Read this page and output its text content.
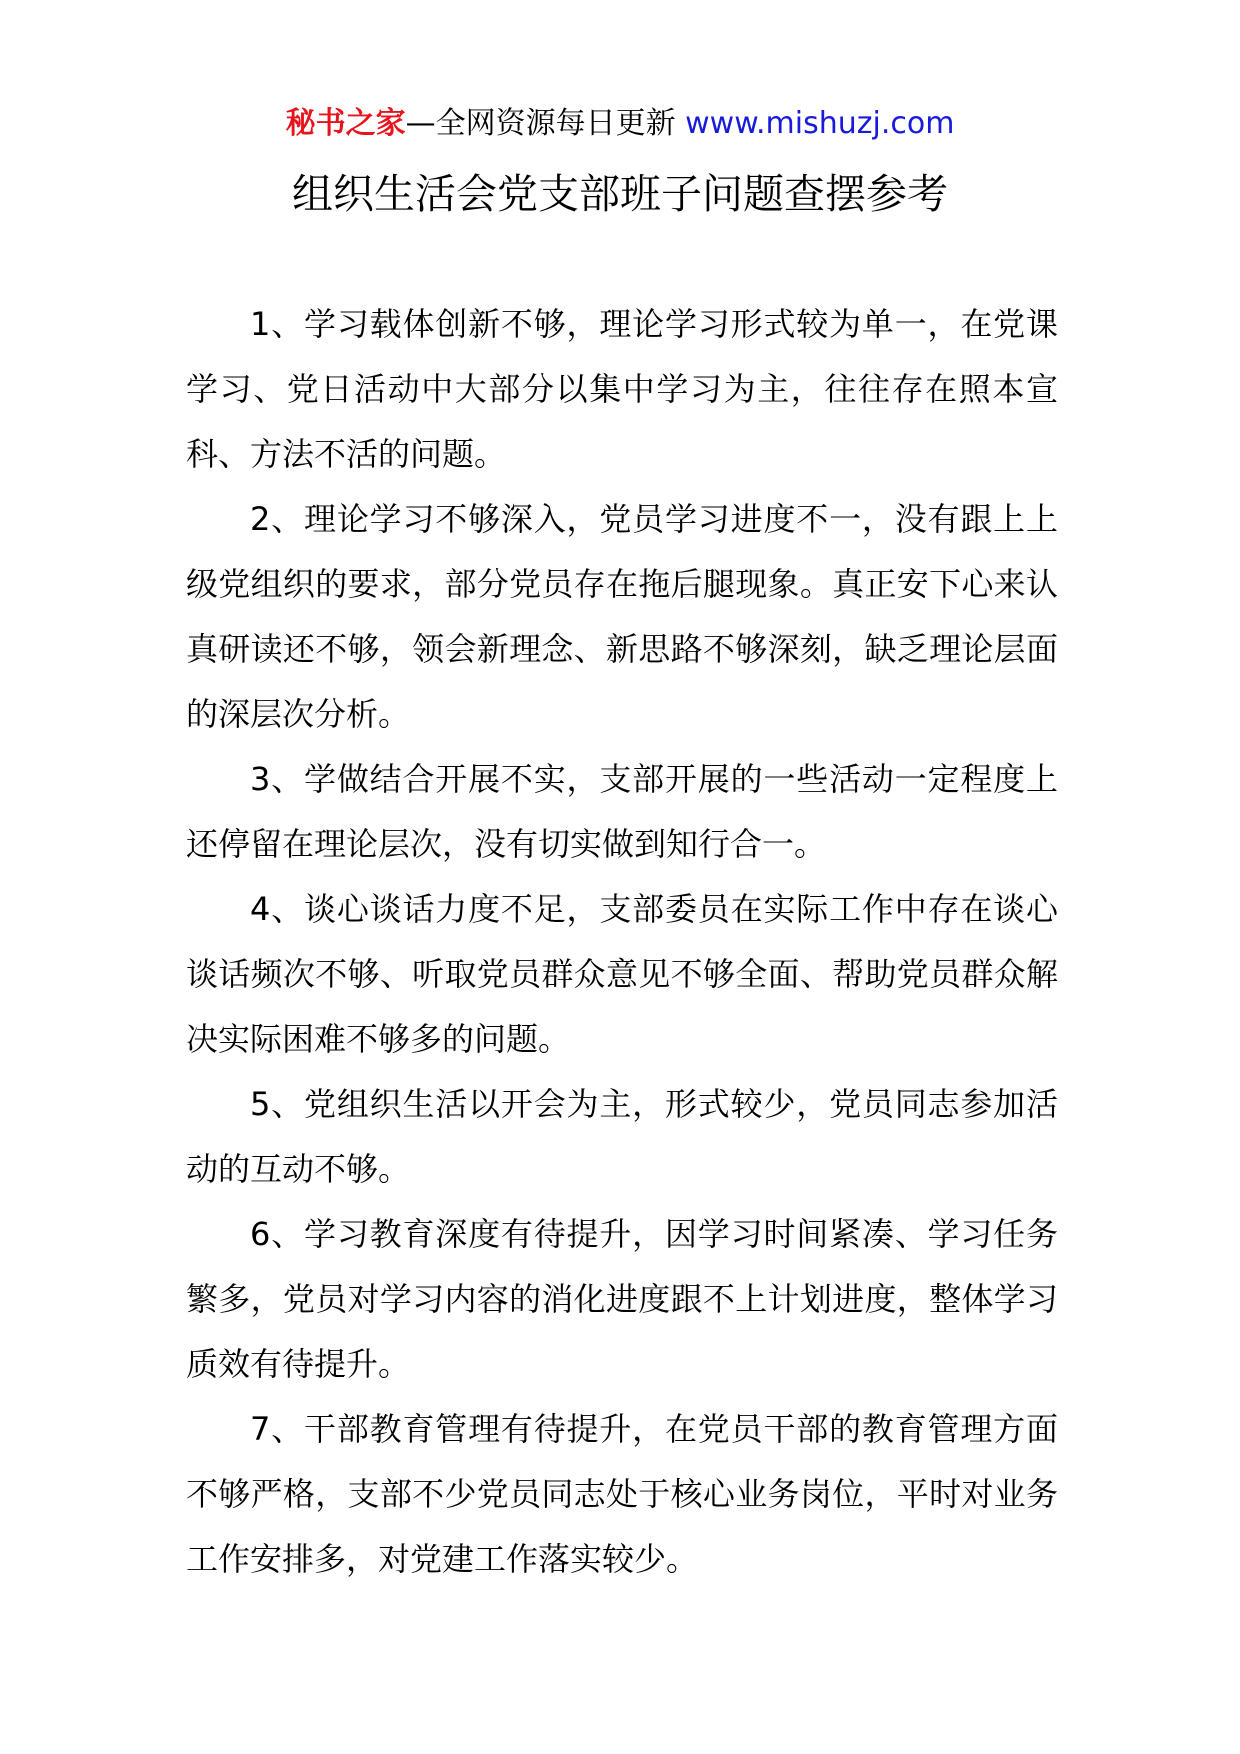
秘书之家—全网资源每日更新 www.mishuzj.com
组织生活会党支部班子问题查摆参考

1、学习载体创新不够，理论学习形式较为单一，在党课学习、党日活动中大部分以集中学习为主，往往存在照本宣科、方法不活的问题。

2、理论学习不够深入，党员学习进度不一，没有跟上上级党组织的要求，部分党员存在拖后腿现象。真正安下心来认真研读还不够，领会新理念、新思路不够深刻，缺乏理论层面的深层次分析。

3、学做结合开展不实，支部开展的一些活动一定程度上还停留在理论层次，没有切实做到知行合一。

4、谈心谈话力度不足，支部委员在实际工作中存在谈心谈话频次不够、听取党员群众意见不够全面、帮助党员群众解决实际困难不够多的问题。

5、党组织生活以开会为主，形式较少，党员同志参加活动的互动不够。

6、学习教育深度有待提升，因学习时间紧凑、学习任务繁多，党员对学习内容的消化进度跟不上计划进度，整体学习质效有待提升。

7、干部教育管理有待提升，在党员干部的教育管理方面不够严格，支部不少党员同志处于核心业务岗位，平时对业务工作安排多，对党建工作落实较少。
